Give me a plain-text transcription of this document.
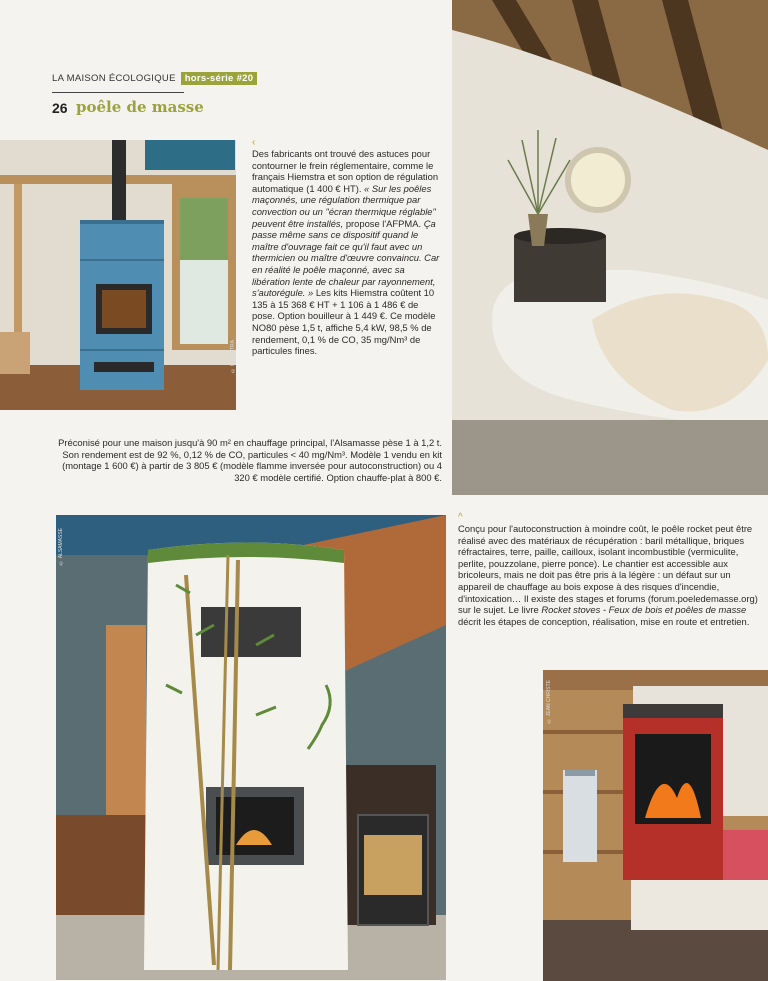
LA MAISON ÉCOLOGIQUE hors-série #20
26 poêle de masse
© HIEMSTRA
‹

Des fabricants ont trouvé des astuces pour contourner le frein réglementaire, comme le français Hiemstra et son option de régulation automatique (1 400 € HT). « Sur les poêles maçonnés, une régulation thermique par convection ou un "écran thermique réglable" peuvent être installés, propose l'AFPMA. Ça passe même sans ce dispositif quand le maître d'ouvrage fait ce qu'il faut avec un thermicien ou maître d'œuvre convaincu. Car en réalité le poêle maçonné, avec sa libération lente de chaleur par rayonnement, s'autorégule. » Les kits Hiemstra coûtent 10 135 à 15 368 € HT + 1 106 à 1 486 € de pose. Option bouilleur à 1 449 €. Ce modèle NO80 pèse 1,5 t, affiche 5,4 kW, 98,5 % de rendement, 0,1 % de CO, 35 mg/Nm³ de particules fines.

Préconisé pour une maison jusqu'à 90 m² en chauffage principal, l'Alsamasse pèse 1 à 1,2 t. Son rendement est de 92 %, 0,12 % de CO, particules < 40 mg/Nm³. Modèle 1 vendu en kit (montage 1 600 €) à partir de 3 805 € (modèle flamme inversée pour autoconstruction) ou 4 320 € modèle certifié. Option chauffe-plat à 800 €.

© ALSAMASSE
^

Conçu pour l'autoconstruction à moindre coût, le poêle rocket peut être réalisé avec des matériaux de récupération : baril métallique, briques réfractaires, terre, paille, cailloux, isolant incombustible (vermiculite, perlite, pouzzolane, pierre ponce). Le chantier est accessible aux bricoleurs, mais ne doit pas être pris à la légère : un défaut sur un appareil de chauffage au bois expose à des risques d'incendie, d'intoxication… Il existe des stages et forums (forum.poeledemasse.org) sur le sujet. Le livre Rocket stoves - Feux de bois et poêles de masse décrit les étapes de conception, réalisation, mise en route et entretien.

© JEAN CHRISTE
